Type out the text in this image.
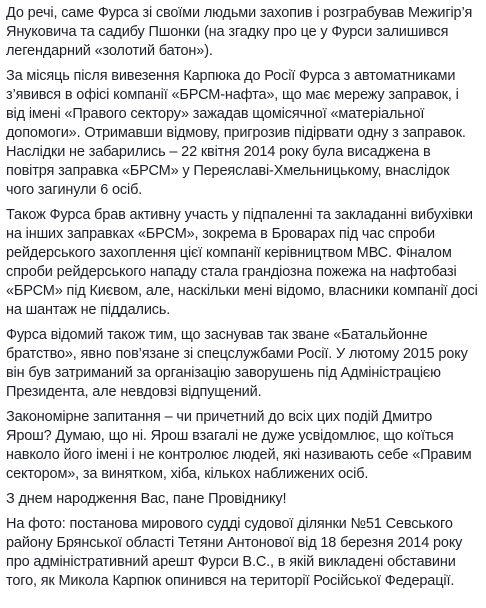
До речі, саме Фурса зі своїми людьми захопив і розграбував Межигір’я Януковича та садибу Пшонки (на згадку про це у Фурси залишився легендарний «золотий батон»).

За місяць після вивезення Карпюка до Росії Фурса з автоматниками з’явився в офісі компанії «БРСМ-нафта», що має мережу заправок, і від імені «Правого сектору» зажадав щомісячної «матеріальної допомоги». Отримавши відмову, пригрозив підірвати одну з заправок. Наслідки не забарились – 22 квітня 2014 року була висаджена в повітря заправка «БРСМ» у Переяславі-Хмельницькому, внаслідок чого загинули 6 осіб.

Також Фурса брав активну участь у підпаленні та закладанні вибухівки на інших заправках «БРСМ», зокрема в Броварах під час спроби рейдерського захоплення цієї компанії керівництвом МВС. Фіналом спроби рейдерського нападу стала грандіозна пожежа на нафтобазі «БРСМ» під Києвом, але, наскільки мені відомо, власники компанії досі на шантаж не піддались.

Фурса відомий також тим, що заснував так зване «Батальйонне братство», явно пов’язане зі спецслужбами Росії. У лютому 2015 року він був затриманий за організацію заворушень під Адміністрацією Президента, але невдовзі відпущений.

Закономірне запитання – чи причетний до всіх цих подій Дмитро Ярош? Думаю, що ні. Ярош взагалі не дуже усвідомлює, що коїться навколо його імені і не контролює людей, які називають себе «Правим сектором», за винятком, хіба, кількох наближених осіб.

З днем народження Вас, пане Провіднику!

На фото: постанова мирового судді судової ділянки №51 Севського району Брянської області Тетяни Антонової від 18 березня 2014 року про адміністративний арешт Фурси В.С., в якій викладені обставини того, як Микола Карпюк опинився на території Російської Федерації.
